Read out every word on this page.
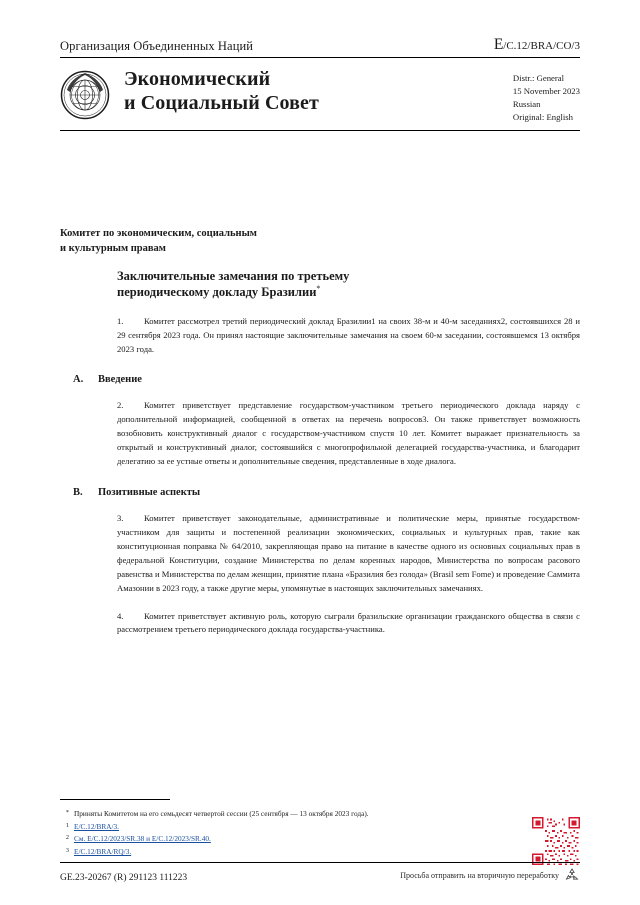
Организация Объединенных Наций	E/C.12/BRA/CO/3
Экономический
и Социальный Совет
Distr.: General
15 November 2023
Russian
Original: English
Комитет по экономическим, социальным
и культурным правам
Заключительные замечания по третьему
периодическому докладу Бразилии*
1. Комитет рассмотрел третий периодический доклад Бразилии1 на своих 38-м и 40-м заседаниях2, состоявшихся 28 и 29 сентября 2023 года. Он принял настоящие заключительные замечания на своем 60-м заседании, состоявшемся 13 октября 2023 года.
A.	Введение
2. Комитет приветствует представление государством-участником третьего периодического доклада наряду с дополнительной информацией, сообщенной в ответах на перечень вопросов3. Он также приветствует возможность возобновить конструктивный диалог с государством-участником спустя 10 лет. Комитет выражает признательность за открытый и конструктивный диалог, состоявшийся с многопрофильной делегацией государства-участника, и благодарит делегатию за ее устные ответы и дополнительные сведения, представленные в ходе диалога.
B.	Позитивные аспекты
3. Комитет приветствует законодательные, административные и политические меры, принятые государством-участником для защиты и постепенной реализации экономических, социальных и культурных прав, такие как конституционная поправка № 64/2010, закрепляющая право на питание в качестве одного из основных социальных прав в федеральной Конституции, создание Министерства по делам коренных народов, Министерства по вопросам расового равенства и Министерства по делам женщин, принятие плана «Бразилия без голода» (Brasil sem Fome) и проведение Саммита Амазонии в 2023 году, а также другие меры, упомянутые в настоящих заключительных замечаниях.
4. Комитет приветствует активную роль, которую сыграли бразильские организации гражданского общества в связи с рассмотрением третьего периодического доклада государства-участника.
* Приняты Комитетом на его семьдесят четвертой сессии (25 сентября — 13 октября 2023 года).
1 E/C.12/BRA/3.
2 См. E/C.12/2023/SR.38 и E/C.12/2023/SR.40.
3 E/C.12/BRA/RQ/3.
GE.23-20267 (R) 291123 111223	Просьба отправить на вторичную переработку
